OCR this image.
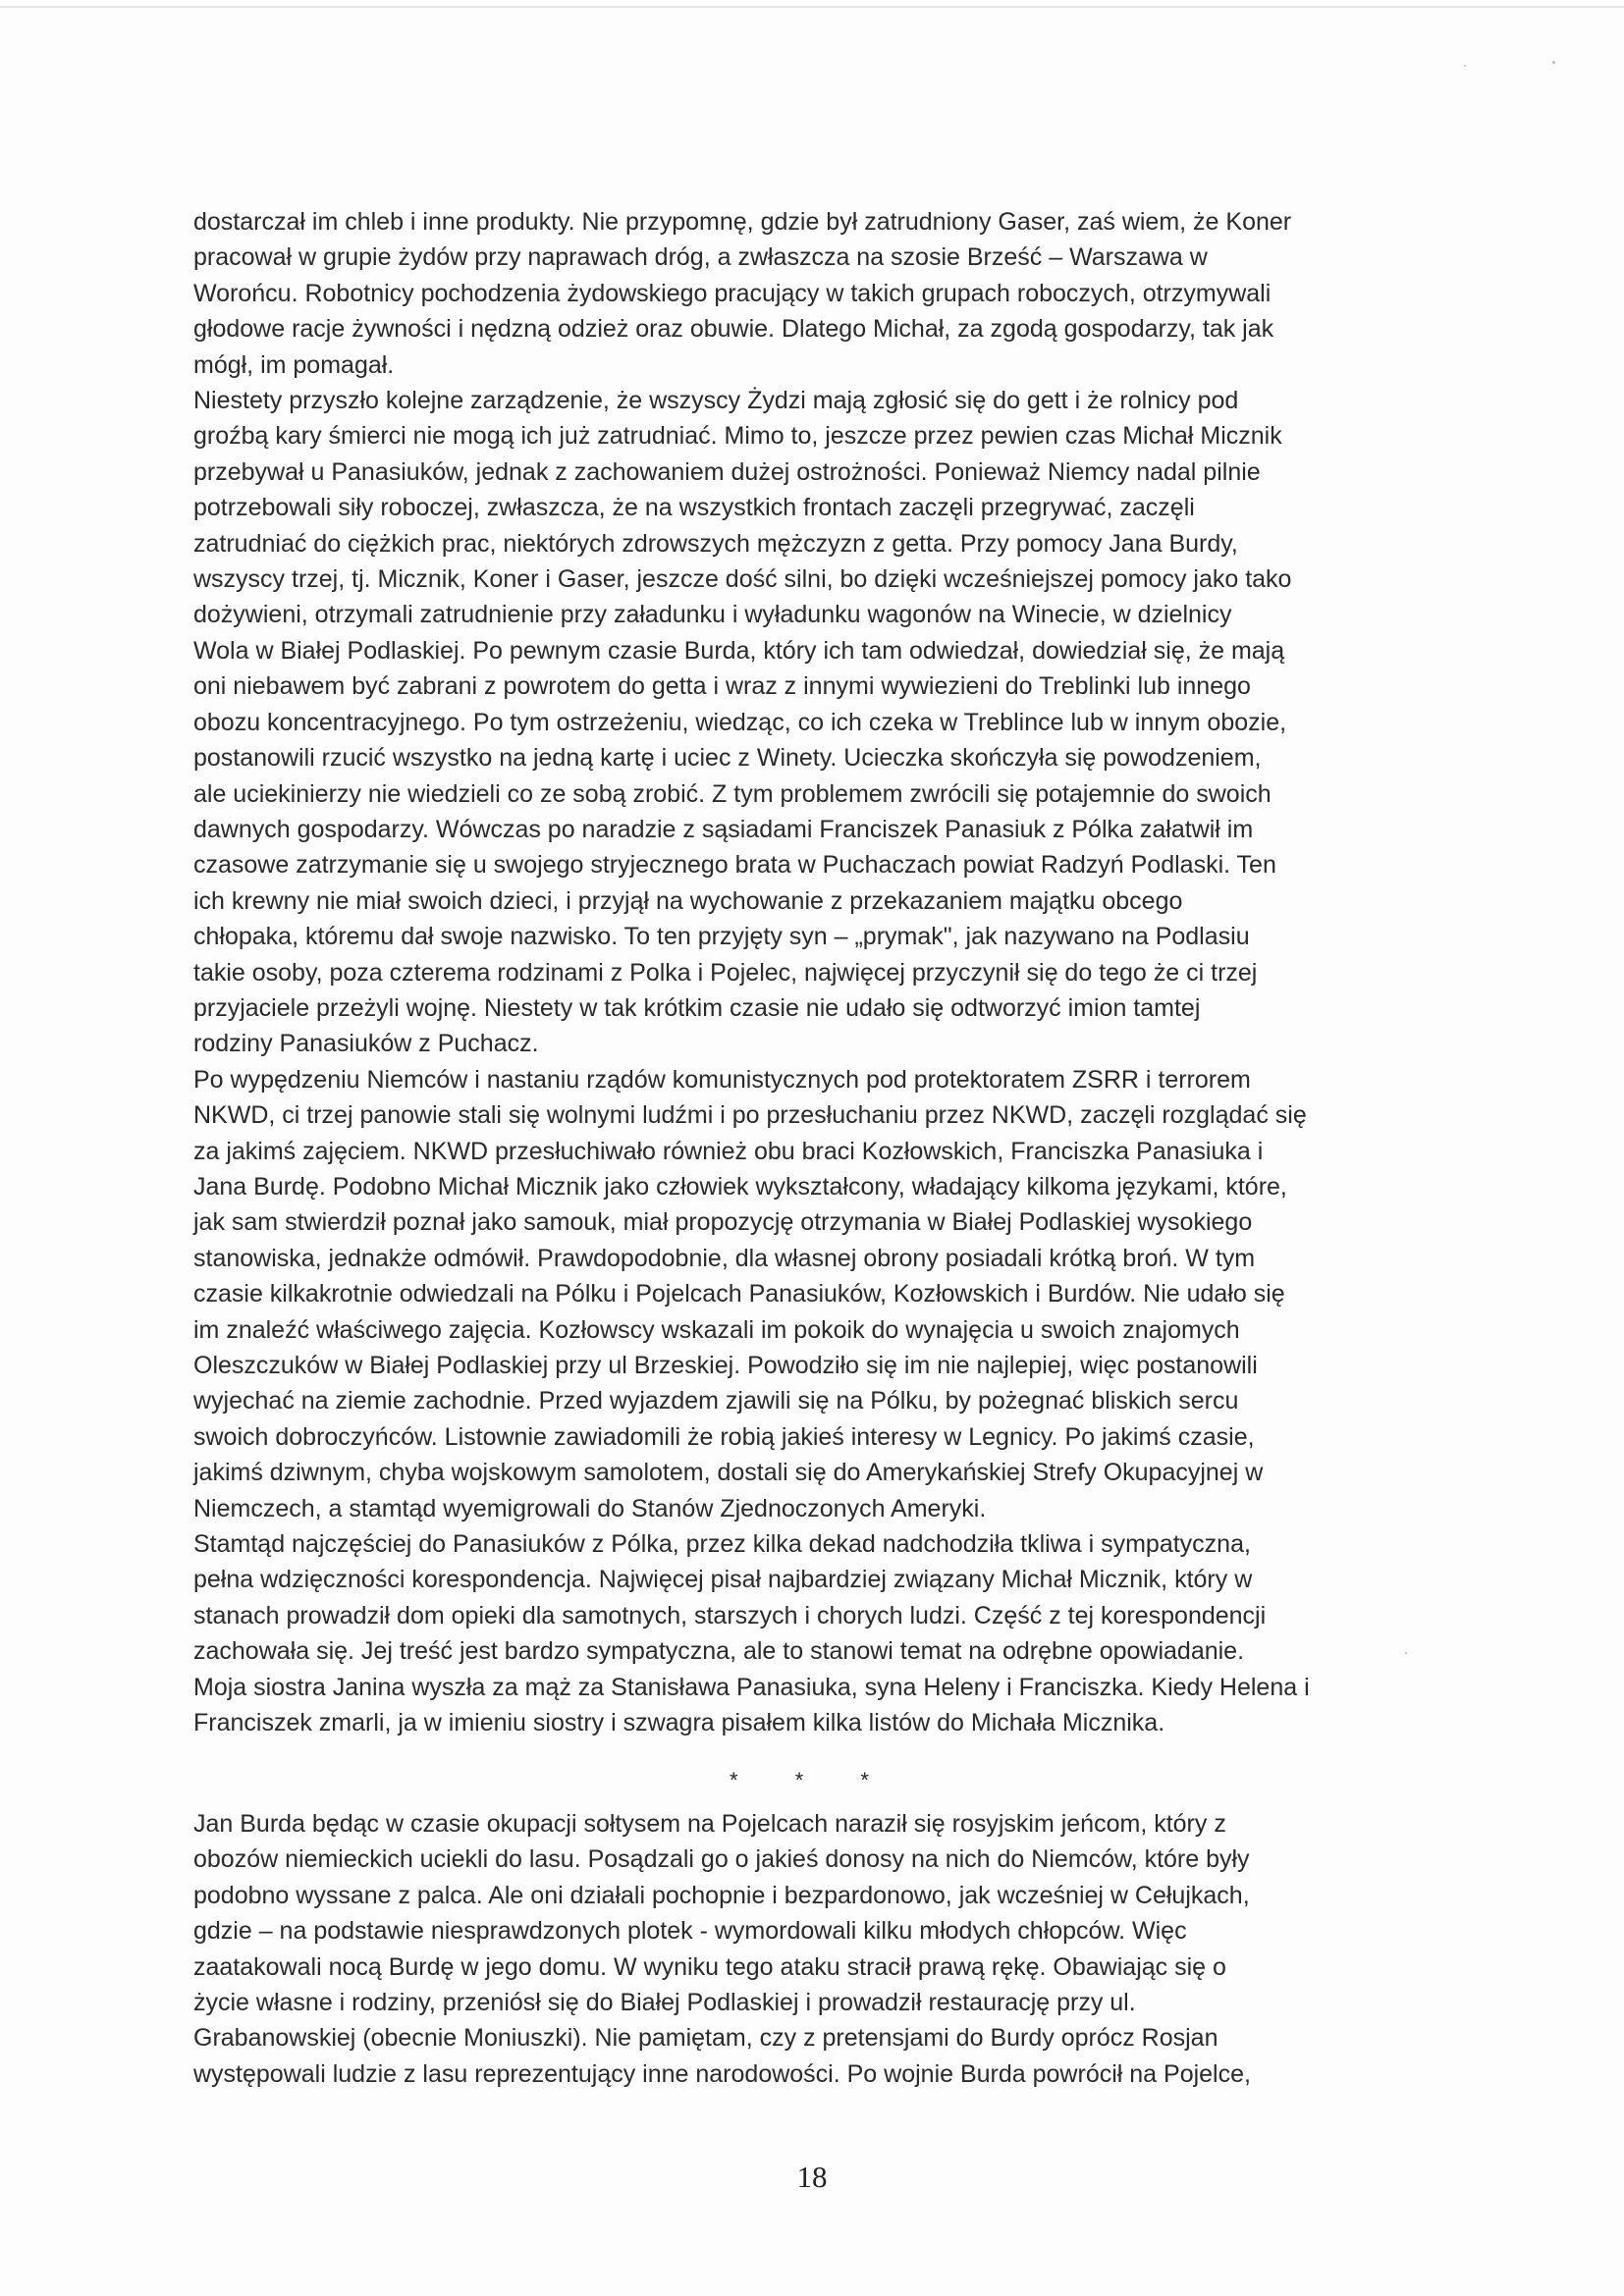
dostarczał im chleb i inne produkty. Nie przypomnę, gdzie był zatrudniony Gaser, zaś wiem, że Koner
pracował w grupie żydów przy naprawach dróg, a zwłaszcza na szosie Brześć – Warszawa w
Worońcu. Robotnicy pochodzenia żydowskiego pracujący w takich grupach roboczych, otrzymywali
głodowe racje żywności i nędzną odzież oraz obuwie. Dlatego Michał, za zgodą gospodarzy, tak jak
mógł, im pomagał.
Niestety przyszło kolejne zarządzenie, że wszyscy Żydzi mają zgłosić się do gett i że rolnicy pod
groźbą kary śmierci nie mogą ich już zatrudniać. Mimo to, jeszcze przez pewien czas Michał Micznik
przebywał u Panasiuków, jednak z zachowaniem dużej ostrożności. Ponieważ Niemcy nadal pilnie
potrzebowali siły roboczej, zwłaszcza, że na wszystkich frontach zaczęli przegrywać, zaczęli
zatrudniać do ciężkich prac, niektórych zdrowszych mężczyzn z getta. Przy pomocy Jana Burdy,
wszyscy trzej, tj. Micznik, Koner i Gaser, jeszcze dość silni, bo dzięki wcześniejszej pomocy jako tako
dożywieni, otrzymali zatrudnienie przy załadunku i wyładunku wagonów na Winecie, w dzielnicy
Wola w Białej Podlaskiej. Po pewnym czasie Burda, który ich tam odwiedzał, dowiedział się, że mają
oni niebawem być zabrani z powrotem do getta i wraz z innymi wywiezieni do Treblinki lub innego
obozu koncentracyjnego. Po tym ostrzeżeniu, wiedząc, co ich czeka w Treblince lub w innym obozie,
postanowili rzucić wszystko na jedną kartę i uciec z Winety. Ucieczka skończyła się powodzeniem,
ale uciekinierzy nie wiedzieli co ze sobą zrobić. Z tym problemem zwrócili się potajemnie do swoich
dawnych gospodarzy. Wówczas po naradzie z sąsiadami Franciszek Panasiuk z Pólka załatwił im
czasowe zatrzymanie się u swojego stryjecznego brata w Puchaczach powiat Radzyń Podlaski. Ten
ich krewny nie miał swoich dzieci, i przyjął na wychowanie z przekazaniem majątku obcego
chłopaka, któremu dał swoje nazwisko. To ten przyjęty syn – „prymak", jak nazywano na Podlasiu
takie osoby, poza czterema rodzinami z Polka i Pojelec, najwięcej przyczynił się do tego że ci trzej
przyjaciele przeżyli wojnę. Niestety w tak krótkim czasie nie udało się odtworzyć imion tamtej
rodziny Panasiuków z Puchacz.
Po wypędzeniu Niemców i nastaniu rządów komunistycznych pod protektoratem ZSRR i terrorem
NKWD, ci trzej panowie stali się wolnymi ludźmi i po przesłuchaniu przez NKWD, zaczęli rozglądać się
za jakimś zajęciem. NKWD przesłuchiwało również obu braci Kozłowskich, Franciszka Panasiuka i
Jana Burdę. Podobno Michał Micznik jako człowiek wykształcony, władający kilkoma językami, które,
jak sam stwierdził poznał jako samouk, miał propozycję otrzymania w Białej Podlaskiej wysokiego
stanowiska, jednakże odmówił. Prawdopodobnie, dla własnej obrony posiadali krótką broń. W tym
czasie kilkakrotnie odwiedzali na Pólku i Pojelcach Panasiuków, Kozłowskich i Burdów. Nie udało się
im znaleźć właściwego zajęcia. Kozłowscy wskazali im pokoik do wynajęcia u swoich znajomych
Oleszczuków w Białej Podlaskiej przy ul Brzeskiej. Powodziło się im nie najlepiej, więc postanowili
wyjechać na ziemie zachodnie. Przed wyjazdem zjawili się na Pólku, by pożegnać bliskich sercu
swoich dobroczyńców. Listownie zawiadomili że robią jakieś interesy w Legnicy. Po jakimś czasie,
jakimś dziwnym, chyba wojskowym samolotem, dostali się do Amerykańskiej Strefy Okupacyjnej w
Niemczech, a stamtąd wyemigrowali do Stanów Zjednoczonych Ameryki.
Stamtąd najczęściej do Panasiuków z Pólka, przez kilka dekad nadchodziła tkliwa i sympatyczna,
pełna wdzięczności korespondencja. Najwięcej pisał najbardziej związany Michał Micznik, który w
stanach prowadził dom opieki dla samotnych, starszych i chorych ludzi. Część z tej korespondencji
zachowała się. Jej treść jest bardzo sympatyczna, ale to stanowi temat na odrębne opowiadanie.
Moja siostra Janina wyszła za mąż za Stanisława Panasiuka, syna Heleny i Franciszka. Kiedy Helena i
Franciszek zmarli, ja w imieniu siostry i szwagra pisałem kilka listów do Michała Micznika.
* * *
Jan Burda będąc w czasie okupacji sołtysem na Pojelcach naraził się rosyjskim jeńcom, który z
obozów niemieckich uciekli do lasu. Posądzali go o jakieś donosy na nich do Niemców, które były
podobno wyssane z palca. Ale oni działali pochopnie i bezpardonowo, jak wcześniej w Cełujkach,
gdzie – na podstawie niesprawdzonych plotek - wymordowali kilku młodych chłopców. Więc
zaatakowali nocą Burdę w jego domu. W wyniku tego ataku stracił prawą rękę. Obawiając się o
życie własne i rodziny, przeniósł się do Białej Podlaskiej i prowadził restaurację przy ul.
Grabanowskiej (obecnie Moniuszki). Nie pamiętam, czy z pretensjami do Burdy oprócz Rosjan
występowali ludzie z lasu reprezentujący inne narodowości. Po wojnie Burda powrócił na Pojelce,
18
